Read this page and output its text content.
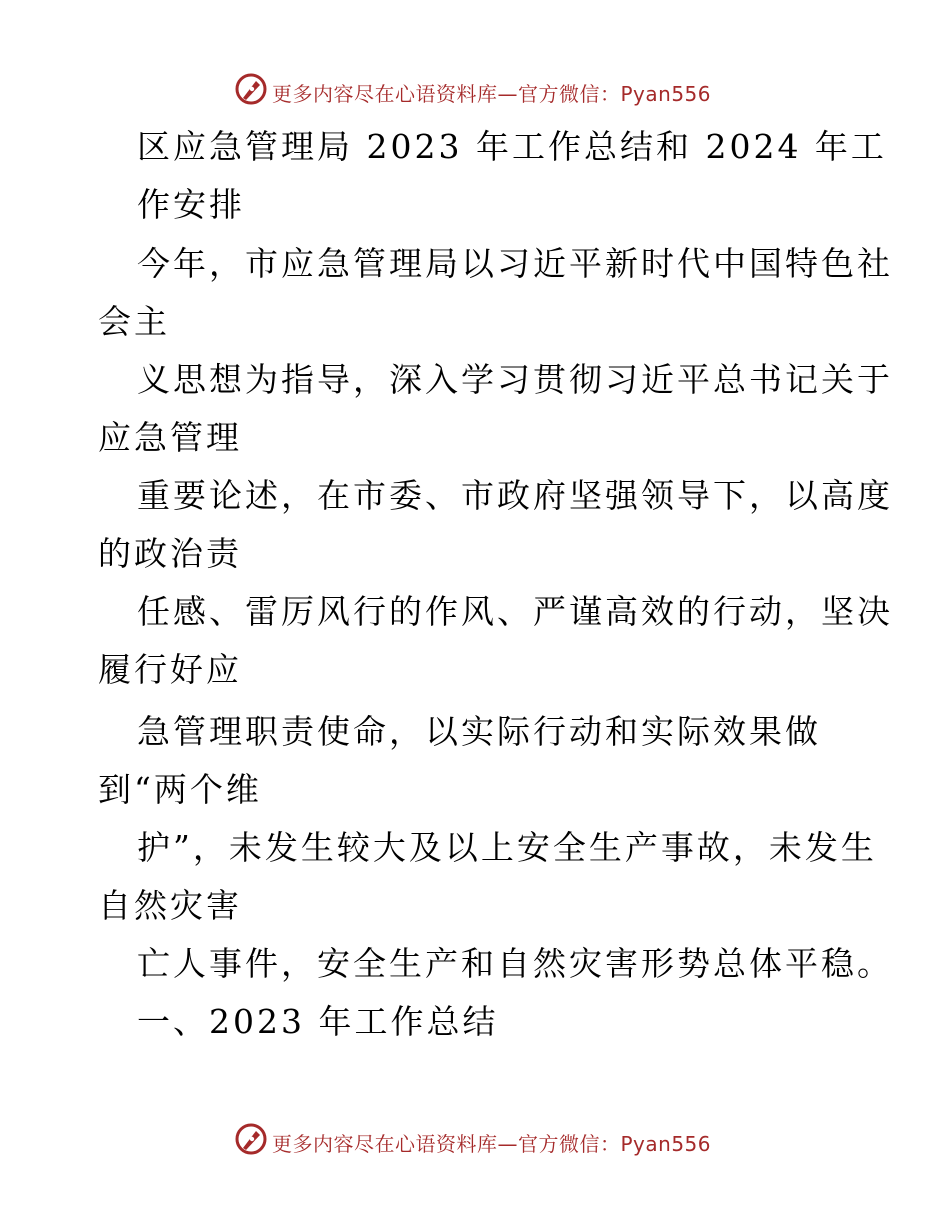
更多内容尽在心语资料库—官方微信：Pyan556
区应急管理局 2023 年工作总结和 2024 年工
作安排
今年，市应急管理局以习近平新时代中国特色社
会主
义思想为指导，深入学习贯彻习近平总书记关于
应急管理
重要论述，在市委、市政府坚强领导下，以高度
的政治责
任感、雷厉风行的作风、严谨高效的行动，坚决
履行好应
急管理职责使命，以实际行动和实际效果做
到“两个维
护”，未发生较大及以上安全生产事故，未发生
自然灾害
亡人事件，安全生产和自然灾害形势总体平稳。
一、2023 年工作总结
更多内容尽在心语资料库—官方微信：Pyan556
